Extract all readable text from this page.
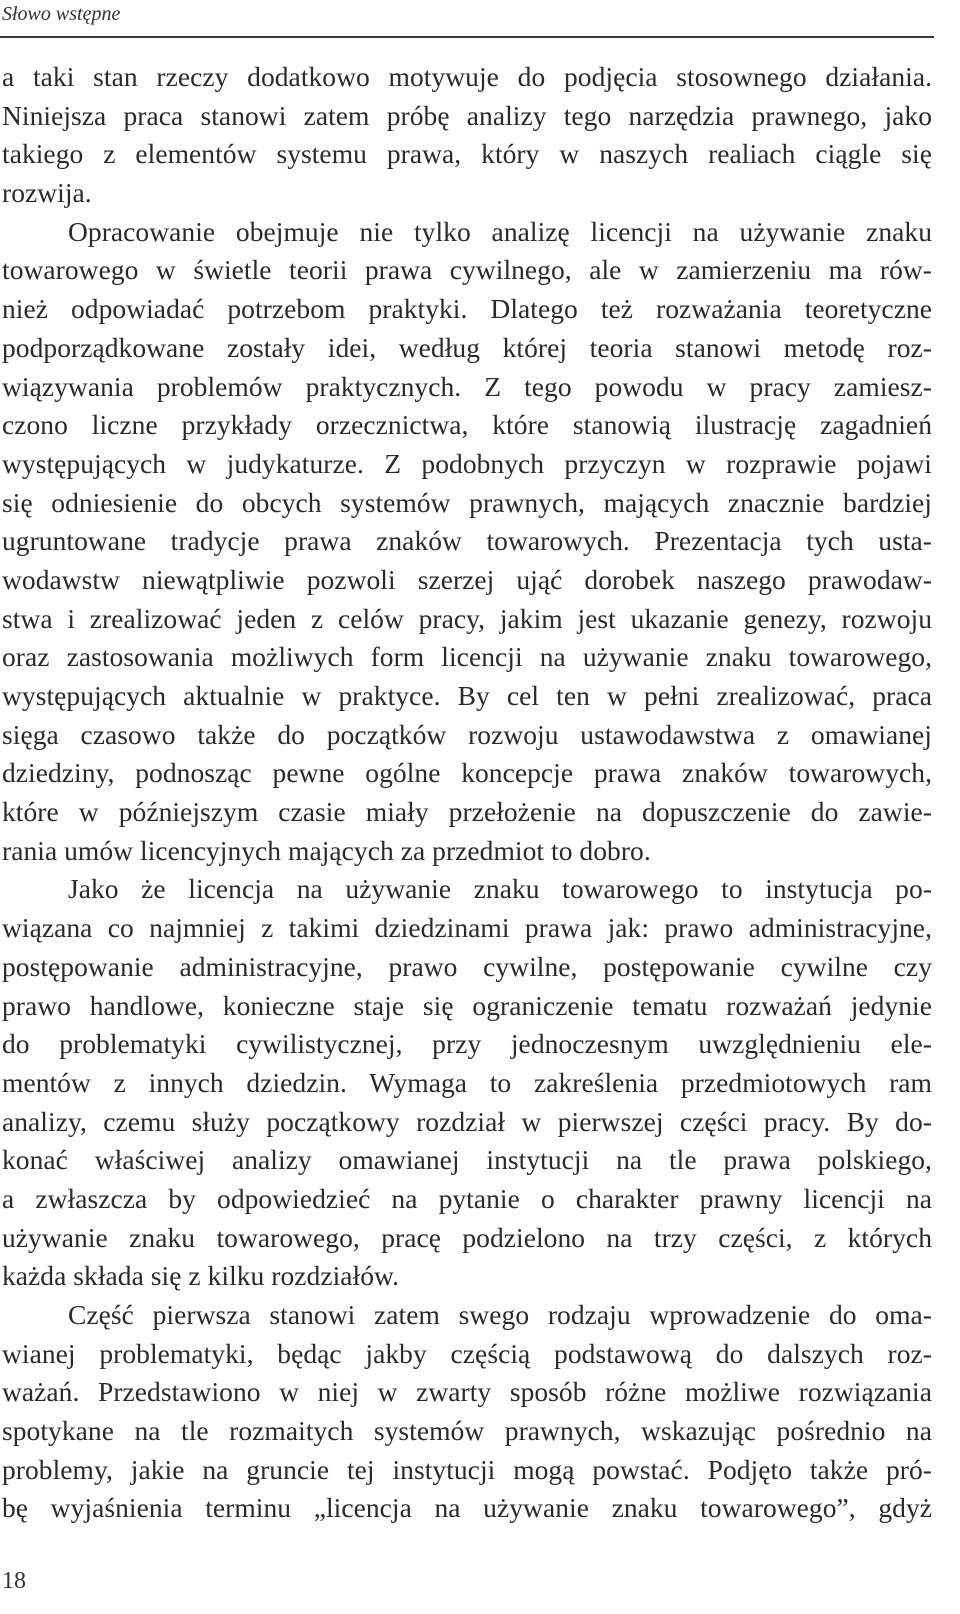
Słowo wstępne
a taki stan rzeczy dodatkowo motywuje do podjęcia stosownego działania.
Niniejsza praca stanowi zatem próbę analizy tego narzędzia prawnego, jako
takiego z elementów systemu prawa, który w naszych realiach ciągle się
rozwija.
Opracowanie obejmuje nie tylko analizę licencji na używanie znaku
towarowego w świetle teorii prawa cywilnego, ale w zamierzeniu ma rów-
nież odpowiadać potrzebom praktyki. Dlatego też rozważania teoretyczne
podporządkowane zostały idei, według której teoria stanowi metodę roz-
wiązywania problemów praktycznych. Z tego powodu w pracy zamiesz-
czono liczne przykłady orzecznictwa, które stanowią ilustrację zagadnień
występujących w judykaturze. Z podobnych przyczyn w rozprawie pojawi
się odniesienie do obcych systemów prawnych, mających znacznie bardziej
ugruntowane tradycje prawa znaków towarowych. Prezentacja tych usta-
wodawstw niewątpliwie pozwoli szerzej ująć dorobek naszego prawodaw-
stwa i zrealizować jeden z celów pracy, jakim jest ukazanie genezy, rozwoju
oraz zastosowania możliwych form licencji na używanie znaku towarowego,
występujących aktualnie w praktyce. By cel ten w pełni zrealizować, praca
sięga czasowo także do początków rozwoju ustawodawstwa z omawianej
dziedziny, podnosząc pewne ogólne koncepcje prawa znaków towarowych,
które w późniejszym czasie miały przełożenie na dopuszczenie do zawie-
rania umów licencyjnych mających za przedmiot to dobro.
Jako że licencja na używanie znaku towarowego to instytucja po-
wiązana co najmniej z takimi dziedzinami prawa jak: prawo administracyjne,
postępowanie administracyjne, prawo cywilne, postępowanie cywilne czy
prawo handlowe, konieczne staje się ograniczenie tematu rozważań jedynie
do problematyki cywilistycznej, przy jednoczesnym uwzględnieniu ele-
mentów z innych dziedzin. Wymaga to zakreślenia przedmiotowych ram
analizy, czemu służy początkowy rozdział w pierwszej części pracy. By do-
konać właściwej analizy omawianej instytucji na tle prawa polskiego,
a zwłaszcza by odpowiedzieć na pytanie o charakter prawny licencji na
używanie znaku towarowego, pracę podzielono na trzy części, z których
każda składa się z kilku rozdziałów.
Część pierwsza stanowi zatem swego rodzaju wprowadzenie do oma-
wianej problematyki, będąc jakby częścią podstawową do dalszych roz-
ważań. Przedstawiono w niej w zwarty sposób różne możliwe rozwiązania
spotykane na tle rozmaitych systemów prawnych, wskazując pośrednio na
problemy, jakie na gruncie tej instytucji mogą powstać. Podjęto także pró-
bę wyjaśnienia terminu „licencja na używanie znaku towarowego”, gdyż
18
